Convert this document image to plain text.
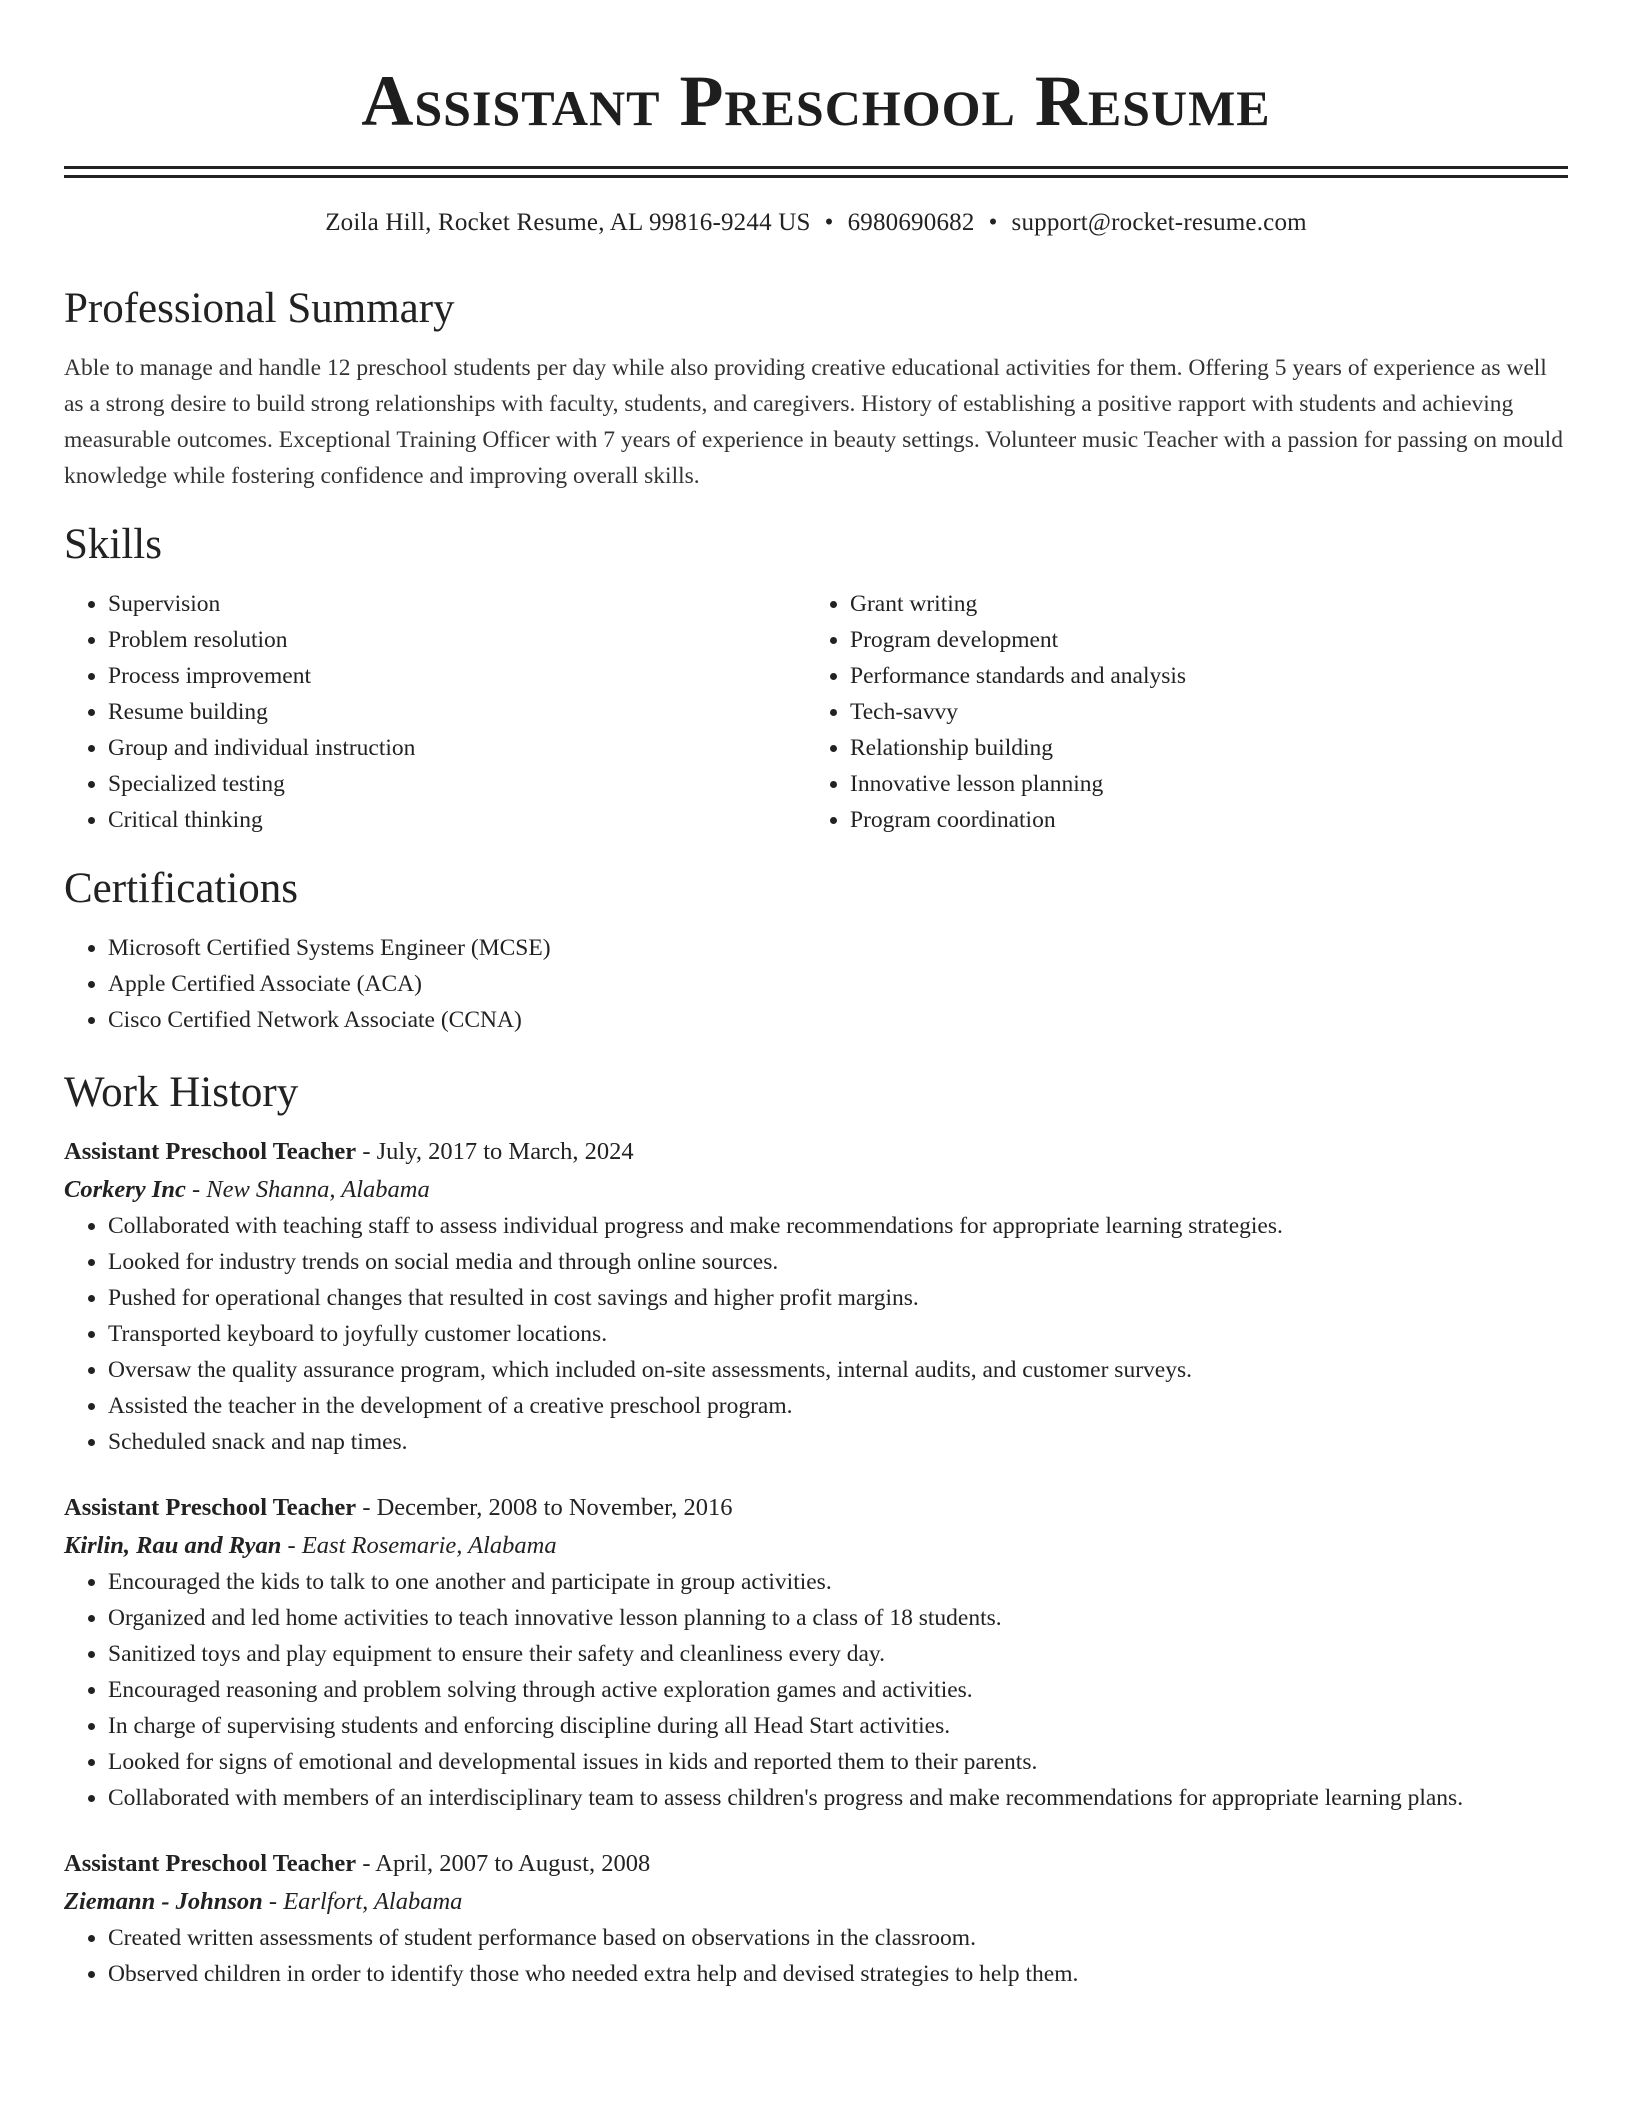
Assistant Preschool Resume
Zoila Hill, Rocket Resume, AL 99816-9244 US • 6980690682 • support@rocket-resume.com
Professional Summary

Able to manage and handle 12 preschool students per day while also providing creative educational activities for them. Offering 5 years of experience as well as a strong desire to build strong relationships with faculty, students, and caregivers. History of establishing a positive rapport with students and achieving measurable outcomes. Exceptional Training Officer with 7 years of experience in beauty settings. Volunteer music Teacher with a passion for passing on mould knowledge while fostering confidence and improving overall skills.

Skills
• Supervision
• Problem resolution
• Process improvement
• Resume building
• Group and individual instruction
• Specialized testing
• Critical thinking
• Grant writing
• Program development
• Performance standards and analysis
• Tech-savvy
• Relationship building
• Innovative lesson planning
• Program coordination
Certifications
• Microsoft Certified Systems Engineer (MCSE)
• Apple Certified Associate (ACA)
• Cisco Certified Network Associate (CCNA)
Work History

Assistant Preschool Teacher - July, 2017 to March, 2024

Corkery Inc - New Shanna, Alabama

• Collaborated with teaching staff to assess individual progress and make recommendations for appropriate learning strategies.
• Looked for industry trends on social media and through online sources.
• Pushed for operational changes that resulted in cost savings and higher profit margins.
• Transported keyboard to joyfully customer locations.
• Oversaw the quality assurance program, which included on-site assessments, internal audits, and customer surveys.
• Assisted the teacher in the development of a creative preschool program.
• Scheduled snack and nap times.

Assistant Preschool Teacher - December, 2008 to November, 2016

Kirlin, Rau and Ryan - East Rosemarie, Alabama

• Encouraged the kids to talk to one another and participate in group activities.
• Organized and led home activities to teach innovative lesson planning to a class of 18 students.
• Sanitized toys and play equipment to ensure their safety and cleanliness every day.
• Encouraged reasoning and problem solving through active exploration games and activities.
• In charge of supervising students and enforcing discipline during all Head Start activities.
• Looked for signs of emotional and developmental issues in kids and reported them to their parents.
• Collaborated with members of an interdisciplinary team to assess children's progress and make recommendations for appropriate learning plans.

Assistant Preschool Teacher - April, 2007 to August, 2008

Ziemann - Johnson - Earlfort, Alabama

• Created written assessments of student performance based on observations in the classroom.
• Observed children in order to identify those who needed extra help and devised strategies to help them.
